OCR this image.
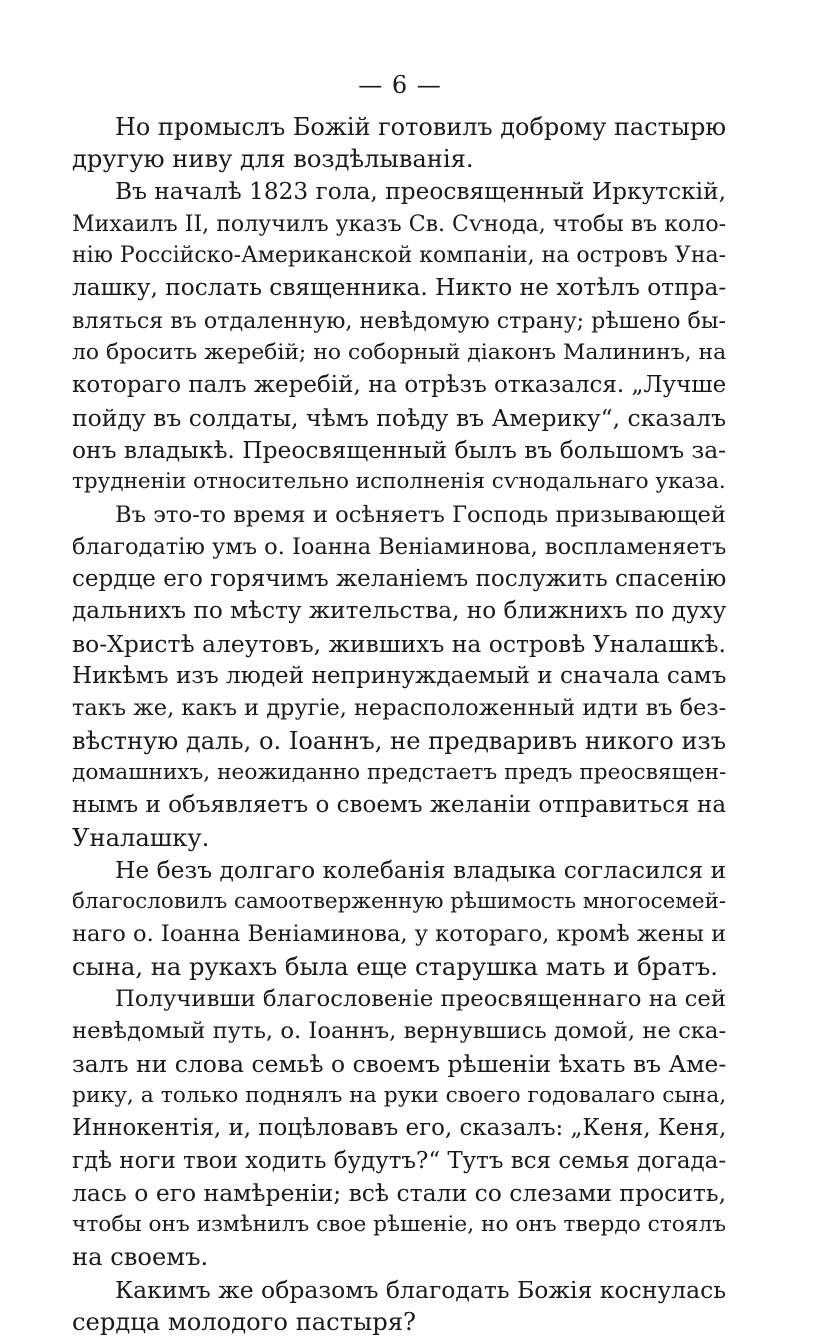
— 6 —
Но промыслъ Божій готовилъ доброму пастырю
другую ниву для воздѣлыванія.
Въ началѣ 1823 гола, преосвященный Иркутскій,
Михаилъ II, получилъ указъ Св. Сѵнода, чтобы въ коло-
нію Россійско-Американской компаніи, на островъ Уна-
лашку, послать священника. Никто не хотѣлъ отпра-
вляться въ отдаленную, невѣдомую страну; рѣшено бы-
ло бросить жеребій; но соборный діаконъ Малининъ, на
котораго палъ жеребій, на отрѣзъ отказался. „Лучше
пойду въ солдаты, чѣмъ поѣду въ Америку“, сказалъ
онъ владыкѣ. Преосвященный былъ въ большомъ за-
трудненіи относительно исполненія сѵнодальнаго указа.
Въ это-то время и осѣняетъ Господь призывающей
благодатію умъ о. Іоанна Веніаминова, воспламеняетъ
сердце его горячимъ желаніемъ послужить спасенію
дальнихъ по мѣсту жительства, но ближнихъ по духу
во-Христѣ алеутовъ, жившихъ на островѣ Уналашкѣ.
Никѣмъ изъ людей непринуждаемый и сначала самъ
такъ же, какъ и другіе, нерасположенный идти въ без-
вѣстную даль, о. Іоаннъ, не предваривъ никого изъ
домашнихъ, неожиданно предстаетъ предъ преосвящен-
нымъ и объявляетъ о своемъ желаніи отправиться на
Уналашку.
Не безъ долгаго колебанія владыка согласился и
благословилъ самоотверженную рѣшимость многосемей-
наго о. Іоанна Веніаминова, у котораго, кромѣ жены и
сына, на рукахъ была еще старушка мать и братъ.
Получивши благословеніе преосвященнаго на сей
невѣдомый путь, о. Іоаннъ, вернувшись домой, не ска-
залъ ни слова семьѣ о своемъ рѣшеніи ѣхать въ Аме-
рику, а только поднялъ на руки своего годовалаго сына,
Иннокентія, и, поцѣловавъ его, сказалъ: „Кеня, Кеня,
гдѣ ноги твои ходить будутъ?“ Тутъ вся семья догада-
лась о его намѣреніи; всѣ стали со слезами просить,
чтобы онъ измѣнилъ свое рѣшеніе, но онъ твердо стоялъ
на своемъ.
Какимъ же образомъ благодать Божія коснулась
сердца молодого пастыря?
